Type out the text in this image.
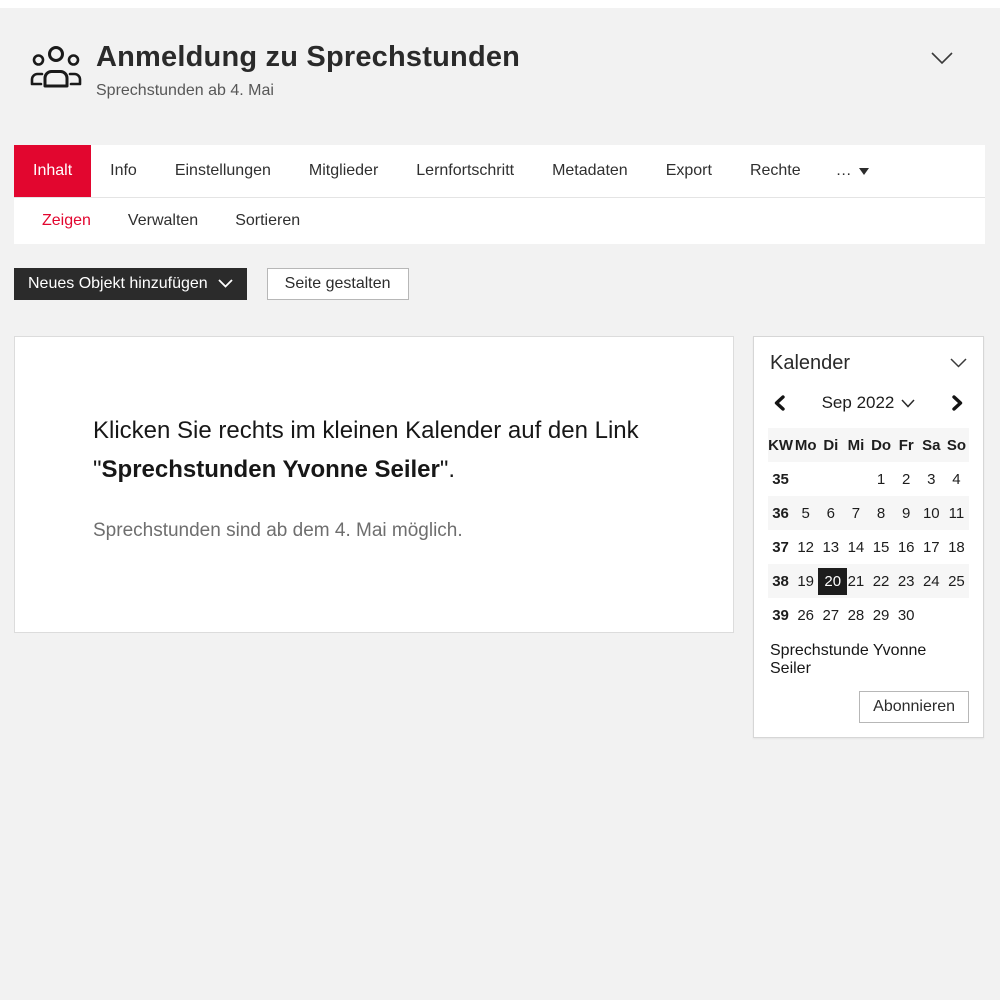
Anmeldung zu Sprechstunden
Sprechstunden ab 4. Mai
Inhalt	Info	Einstellungen	Mitglieder	Lernfortschritt	Metadaten	Export	Rechte	…
Zeigen Verwalten Sortieren
Neues Objekt hinzufügen	Seite gestalten
Klicken Sie rechts im kleinen Kalender auf den Link "Sprechstunden Yvonne Seiler".
Sprechstunden sind ab dem 4. Mai möglich.
Kalender
Sep 2022
KW	Mo	Di	Mi	Do	Fr	Sa	So
35				1	2	3	4
36	5	6	7	8	9	10	11
37	12	13	14	15	16	17	18
38	19	20	21	22	23	24	25
39	26	27	28	29	30		
Sprechstunde Yvonne Seiler
Abonnieren
